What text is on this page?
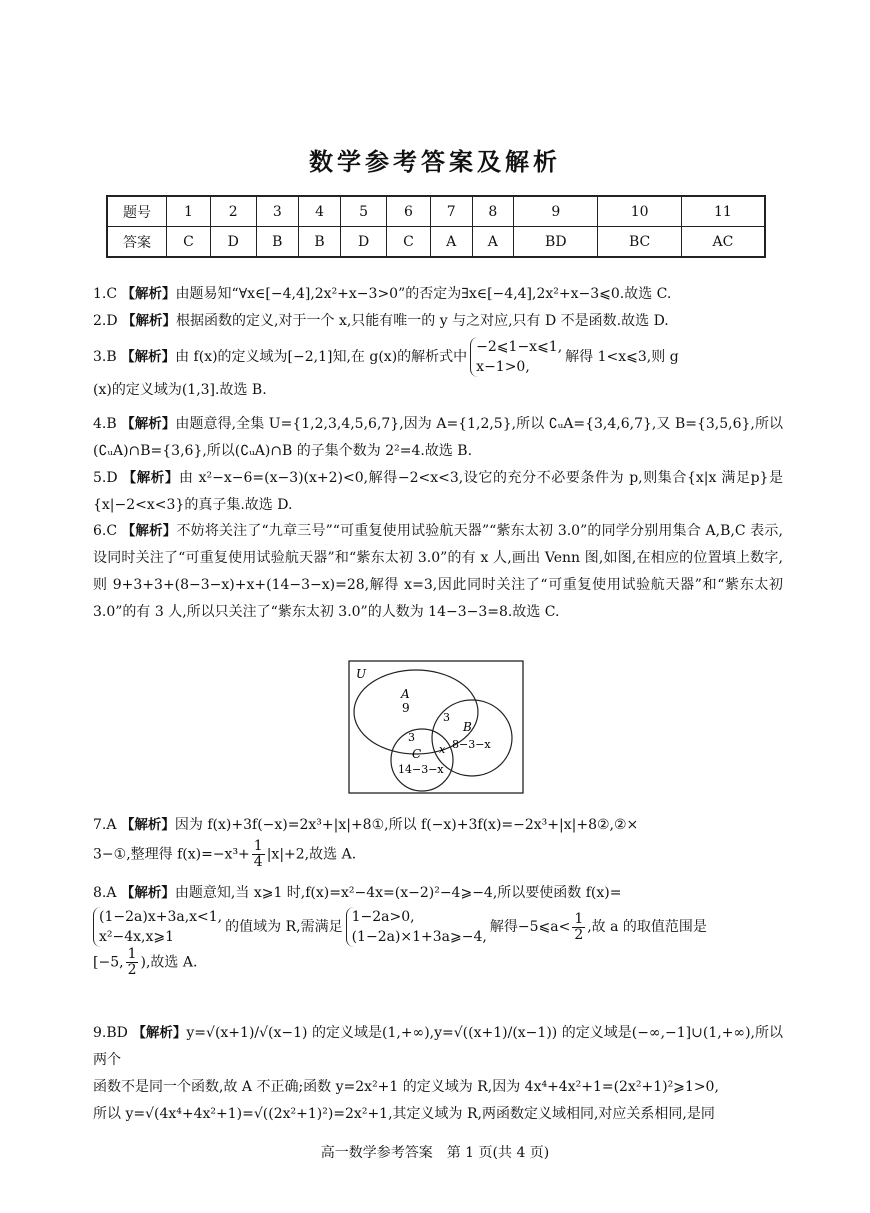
数学参考答案及解析
题号	1	2	3	4	5	6	7	8	9	10	11
答案	C	D	B	B	D	C	A	A	BD	BC	AC
1.C 【解析】由题易知“∀x∈[−4,4],2x²+x−3>0”的否定为∃x∈[−4,4],2x²+x−3⩽0.故选 C.
2.D 【解析】根据函数的定义,对于一个 x,只能有唯一的 y 与之对应,只有 D 不是函数.故选 D.
3.B 【解析】由 f(x)的定义域为[−2,1]知,在 g(x)的解析式中
−2⩽1−x⩽1,
x−1>0,
解得 1<x⩽3,则 g
(x)的定义域为(1,3].故选 B.
4.B 【解析】由题意得,全集 U={1,2,3,4,5,6,7},因为 A={1,2,5},所以 ∁ᵤA={3,4,6,7},又 B={3,5,6},所以(∁ᵤA)∩B={3,6},所以(∁ᵤA)∩B 的子集个数为 2²=4.故选 B.
5.D 【解析】由 x²−x−6=(x−3)(x+2)<0,解得−2<x<3,设它的充分不必要条件为 p,则集合{x|x 满足p}是{x|−2<x<3}的真子集.故选 D.
6.C 【解析】不妨将关注了“九章三号”“可重复使用试验航天器”“紫东太初 3.0”的同学分别用集合 A,B,C 表示,设同时关注了“可重复使用试验航天器”和“紫东太初 3.0”的有 x 人,画出 Venn 图,如图,在相应的位置填上数字,则 9+3+3+(8−3−x)+x+(14−3−x)=28,解得 x=3,因此同时关注了“可重复使用试验航天器”和“紫东太初 3.0”的有 3 人,所以只关注了“紫东太初 3.0”的人数为 14−3−3=8.故选 C.
U
A
9
B
8−3−x
C
14−3−x
3
3
x
7.A 【解析】因为 f(x)+3f(−x)=2x³+|x|+8①,所以 f(−x)+3f(x)=−2x³+|x|+8②,②×
3−①,整理得 $f(x)=-x^3+ \frac{1}{4} |x|+2$,故选 A.
8.A 【解析】由题意知,当 x⩾1 时,f(x)=x²−4x=(x−2)²−4⩾−4,所以要使函数 f(x)=

(1−2a)x+3a,x<1,
x²−4x,x⩾1
的值域为 R,需满足
1−2a>0,
(1−2a)×1+3a⩾−4,
解得−5⩽a< $\frac{1}{2}$ ,故 a 的取值范围是
[−5, $\frac{1}{2}$ ),故选 A.
9.BD 【解析】y=√(x+1)/√(x−1) 的定义域是(1,+∞),y=√((x+1)/(x−1)) 的定义域是(−∞,−1]∪(1,+∞),所以两个
函数不是同一个函数,故 A 不正确;函数 y=2x²+1 的定义域为 R,因为 4x⁴+4x²+1=(2x²+1)²⩾1>0,
所以 y=√(4x⁴+4x²+1)=√((2x²+1)²)=2x²+1,其定义域为 R,两函数定义域相同,对应关系相同,是同
高一数学参考答案　第 1 页(共 4 页)
